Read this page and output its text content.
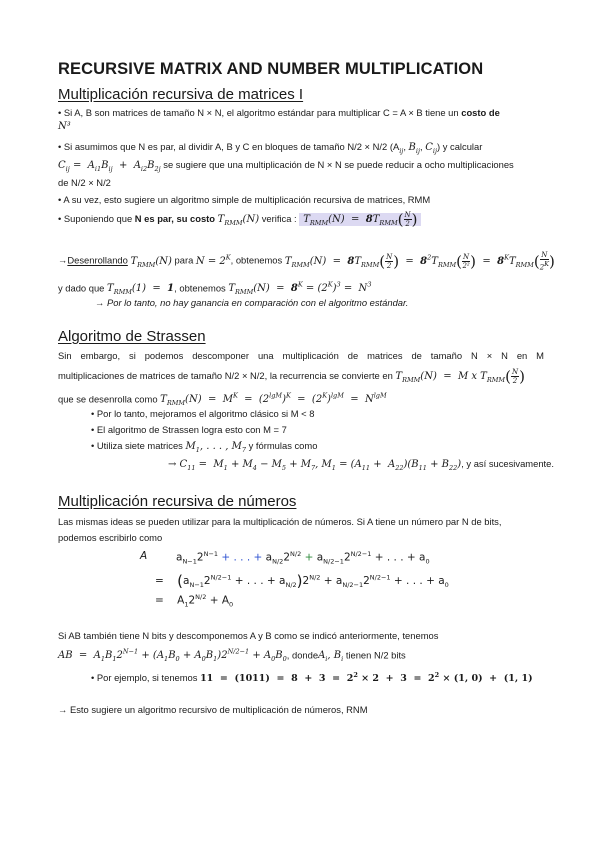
RECURSIVE MATRIX AND NUMBER MULTIPLICATION
Multiplicación recursiva de matrices I
• Si A, B son matrices de tamaño N × N, el algoritmo estándar para multiplicar C = A × B tiene un costo de
N³
• Si asumimos que N es par, al dividir A, B y C en bloques de tamaño N/2 × N/2 ($A_{ij}$, $B_{ij}$, $C_{ij}$) y calcular
$C_{ij} = A_{i1}B_{ij} + A_{i2}B_{2j}$ se sugiere que una multiplicación de N × N se puede reducir a ocho multiplicaciones
de N/2 × N/2
• A su vez, esto sugiere un algoritmo simple de multiplicación recursiva de matrices, RMM
• Suponiendo que N es par, su costo $T_{RMM}(N)$ verifica : $T_{RMM}(N) = 8T_{RMM}( \frac{N}{2}$ )
→Desenrollando $T_{RMM}(N)$ para $N = 2^K$, obtenemos $T_{RMM}(N) = 8T_{RMM}( \frac{N}{2}$ )  =  $8^2T_{RMM}( \frac{N}{\text{2²}}$ )  =  $8^KT_{RMM}( \frac{N}{2^K}$ )
y dado que $T_{RMM}(1) = 1$, obtenemos $T_{RMM}(N) = 8^K = (2^K)^3 = N^3$
→ Por lo tanto, no hay ganancia en comparación con el algoritmo estándar.
Algoritmo de Strassen
Sin embargo, si podemos descomponer una multiplicación de matrices de tamaño N × N en M
multiplicaciones de matrices de tamaño N/2 × N/2, la recurrencia se convierte en $T_{RMM}(N) = M$ x $T_{RMM}( \frac{N}{2}$ )
que se desenrolla como $T_{RMM}(N) = M^K = (2^{lgM})^K = (2^K)^{lgM} = N^{lgM}$
• Por lo tanto, mejoramos el algoritmo clásico si M < 8
• El algoritmo de Strassen logra esto con M = 7
• Utiliza siete matrices $M_1$, . . . , $M_7$ y fórmulas como
→ $C_{11} = M_1 + M_4 - M_5 + M_7$, $M_1 = (A_{11} + A_{22})(B_{11} + B_{22})$, y así sucesivamente.
Multiplicación recursiva de números
Las mismas ideas se pueden utilizar para la multiplicación de números. Si A tiene un número par N de bits,
podemos escribirlo como
A	$a_{N-1}2^{N-1}$ + . . . + $a_{N/2}2^{N/2} + a_{N/2-1}2^{N/2-1}$ + . . . + $a_0$
=    ($a_{N-1}2^{N/2-1}$ + . . . + $a_{N/2})2^{N/2} + a_{N/2-1}2^{N/2-1}$ + . . . + $a_0$
=    $A_12^{N/2} + A_0$
Si AB también tiene N bits y descomponemos A y B como se indicó anteriormente, tenemos
AB  =  $A_1B_12^{N-1} + (A_1B_0 + A_0B_1)2^{N/2-1} + A_0B_0$, dondeA$_i$, $B_i$ tienen N/2 bits
• Por ejemplo, si tenemos $11 = (1011) = 8 + 3 = 2^2 \times 2 + 3 = 2^2 \times (1$, 0)  +  (1, 1)
→ Esto sugiere un algoritmo recursivo de multiplicación de números, RNM
